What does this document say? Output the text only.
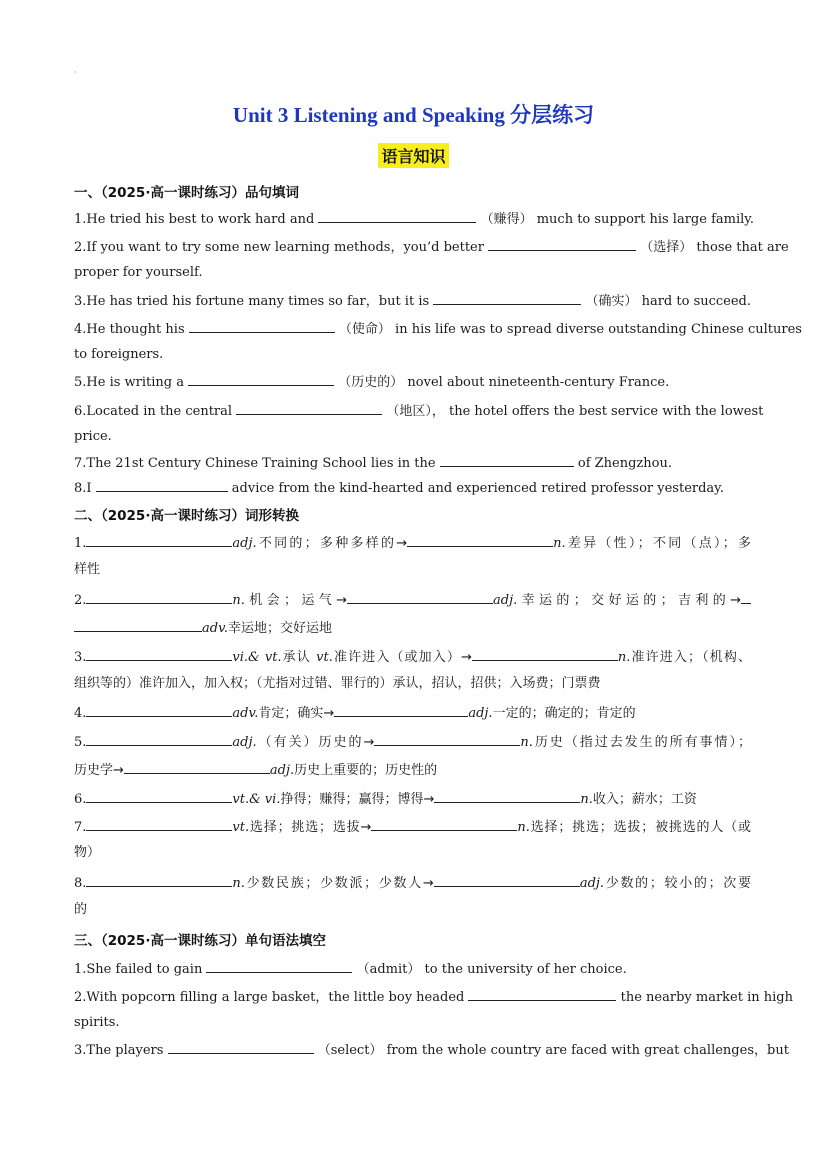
·
Unit 3 Listening and Speaking 分层练习
语言知识
一、（2025·高一课时练习）品句填词
1.He tried his best to work hard and	（赚得） much to support his large family.
2.If you want to try some new learning methods，you’d better	（选择） those that are
proper for yourself.
3.He has tried his fortune many times so far，but it is	（确实） hard to succeed.
4.He thought his	（使命） in his life was to spread diverse outstanding Chinese cultures
to foreigners.
5.He is writing a	（历史的） novel about nineteenth-century France.
6.Located in the central	（地区）， the hotel offers the best service with the lowest
price.
7.The 21st Century Chinese Training School lies in the	of Zhengzhou.
8.I	advice from the kind-hearted and experienced retired professor yesterday.
二、（2025·高一课时练习）词形转换
1.	adj.不同的；多种多样的→	n.差异（性）；不同（点）；多
样性
2.	n.机会；运气→	adj.幸运的；交好运的；吉利的→
adv.幸运地；交好运地
3.	vi.& vt.承认 vt.准许进入（或加入）→	n.准许进入；（机构、
组织等的）准许加入，加入权；（尤指对过错、罪行的）承认，招认，招供；入场费；门票费
4.	adv.肯定；确实→	adj.一定的；确定的；肯定的
5.	adj.（有关）历史的→	n.历史（指过去发生的所有事情）；
历史学→	adj.历史上重要的；历史性的
6.	vt.& vi.挣得；赚得；赢得；博得→	n.收入；薪水；工资
7.	vt.选择；挑选；选拔→	n.选择；挑选；选拔；被挑选的人（或
物）
8.	n.少数民族；少数派；少数人→	adj.少数的；较小的；次要
的
三、（2025·高一课时练习）单句语法填空
1.She failed to gain	（admit） to the university of her choice.
2.With popcorn filling a large basket，the little boy headed	the nearby market in high
spirits.
3.The players	（select） from the whole country are faced with great challenges，but
